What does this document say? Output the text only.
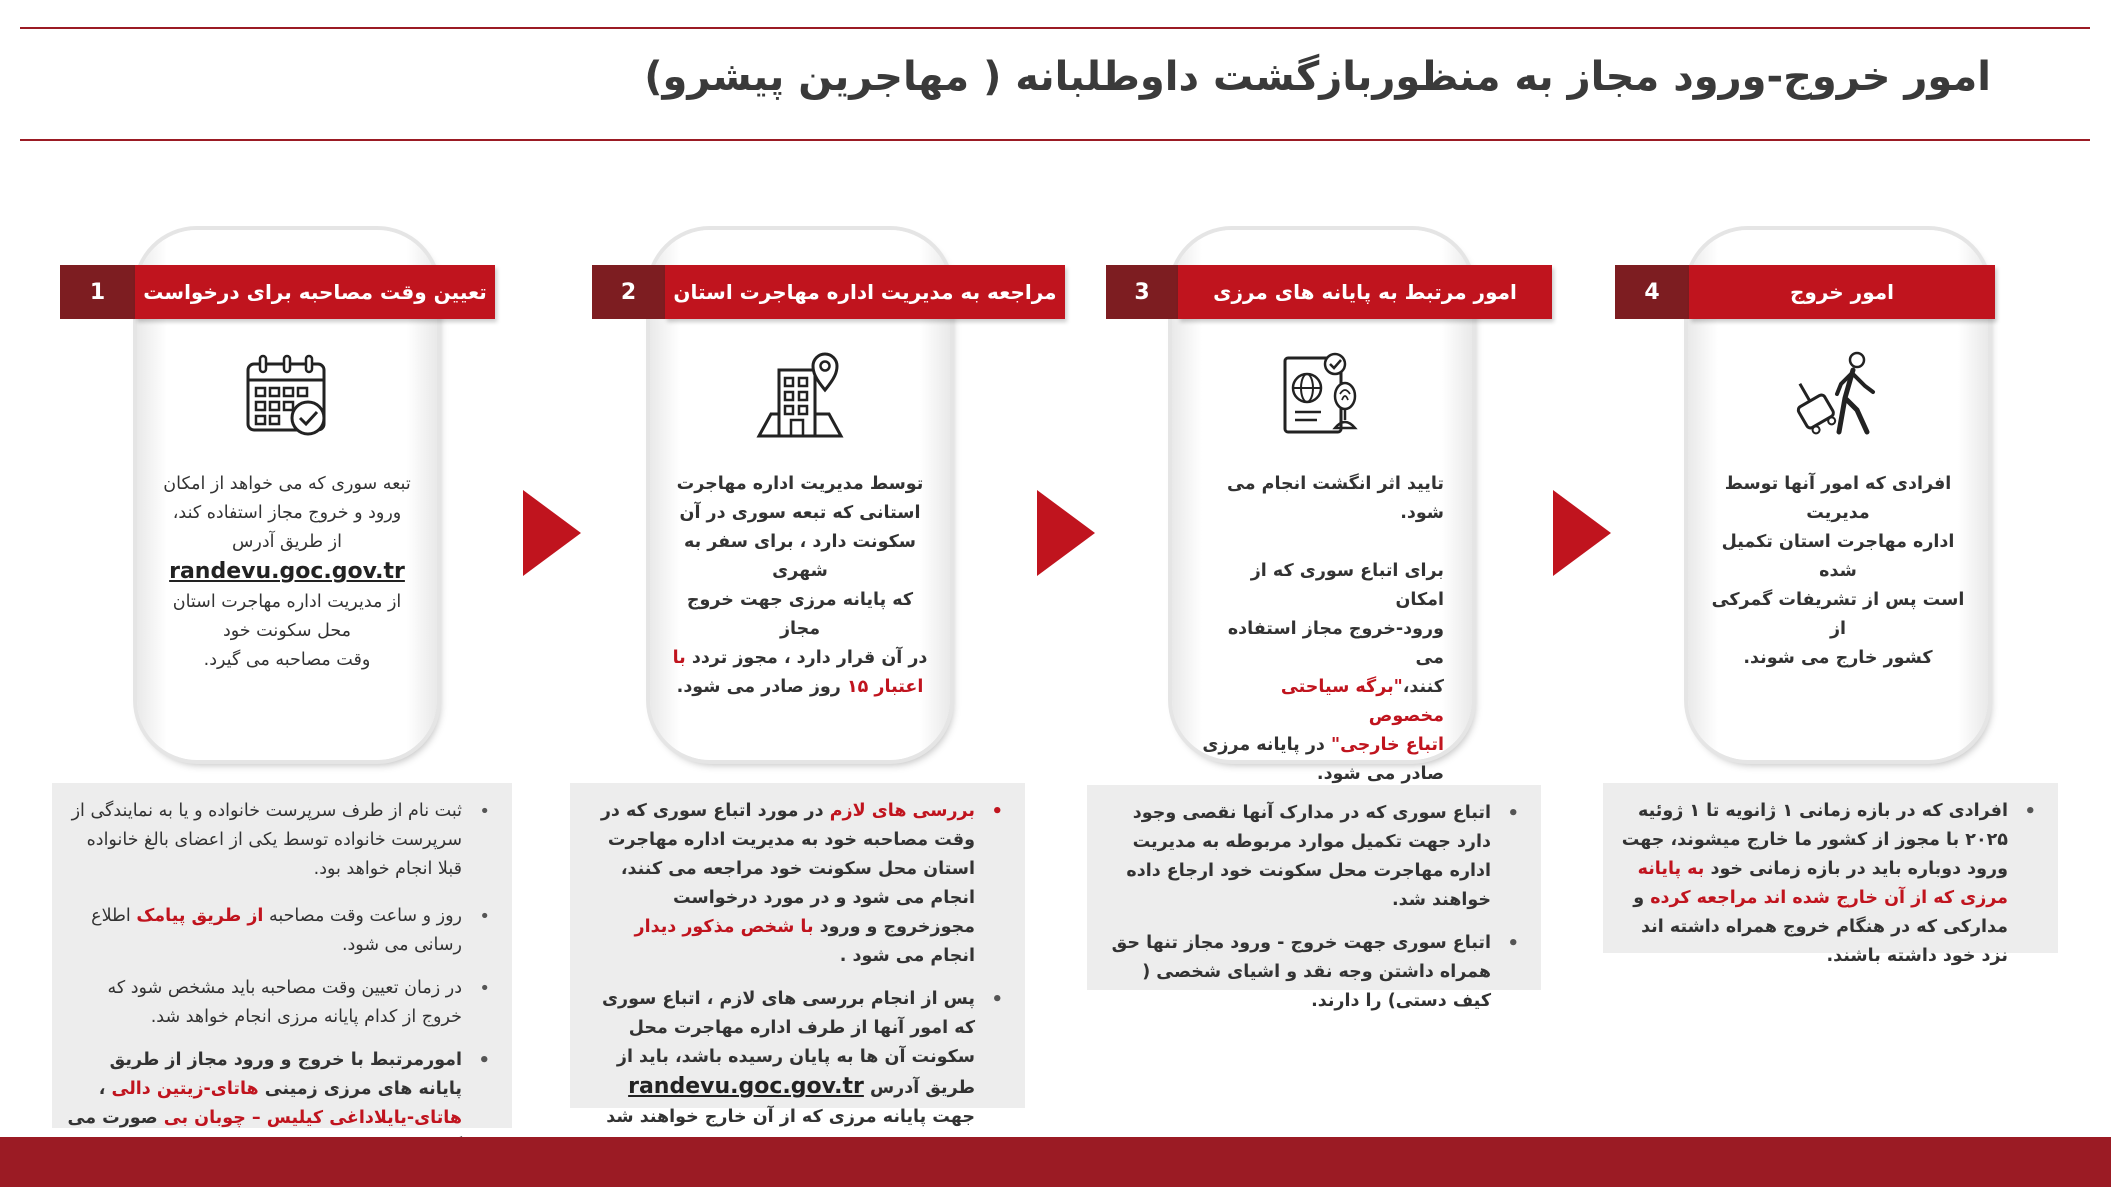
امور خروج-ورود مجاز به منظوربازگشت داوطلبانه ( مهاجرین پیشرو)
تبعه سوری که می خواهد از امکان
ورود و خروج مجاز استفاده کند،
از طریق آدرس
randevu.goc.gov.tr
از مدیریت اداره مهاجرت استان
محل سکونت خود
وقت مصاحبه می گیرد.
1	تعیین وقت مصاحبه برای درخواست
توسط مدیریت اداره مهاجرت
استانی که تبعه سوری در آن
سکونت دارد ، برای سفر به شهری
که پایانه مرزی جهت خروج مجاز
در آن قرار دارد ، مجوز تردد با
اعتبار ۱۵ روز صادر می شود.
2	مراجعه به مدیریت اداره مهاجرت استان
تایید اثر انگشت انجام می شود.

برای اتباع سوری که از امکان
ورود-خروج مجاز استفاده می
کنند،"برگه سیاحتی مخصوص
اتباع خارجی" در پایانه مرزی
صادر می شود.
3	امور مرتبط به پایانه های مرزی
افرادی که امور آنها توسط مدیریت
اداره مهاجرت استان تکمیل شده
است پس از تشریفات گمرکی از
کشور خارج می شوند.
4	امور خروج
• ثبت نام از طرف سرپرست خانواده و یا به نمایندگی از سرپرست خانواده توسط یکی از اعضای بالغ خانواده قبلا انجام خواهد بود.
• روز و ساعت وقت مصاحبه از طریق پیامک اطلاع رسانی می شود.
• در زمان تعیین وقت مصاحبه باید مشخص شود که خروج از کدام پایانه مرزی انجام خواهد شد.
• امورمرتبط با خروج و ورود مجاز از طریق پایانه های مرزی زمینی هاتای-زیتین دالی ، هاتای-یایلاداغی کیلیس – چوبان بی صورت می
• بررسی های لازم در مورد اتباع سوری که در وقت مصاحبه خود به مدیریت اداره مهاجرت استان محل سکونت خود مراجعه می کنند، انجام می شود و در مورد درخواست مجوزخروج و ورود با شخص مذکور دیدار انجام می شود .
• پس از انجام بررسی های لازم ، اتباع سوری که امور آنها از طرف اداره مهاجرت محل سکونت آن ها به پایان رسیده باشد، باید از طریق آدرس randevu.goc.gov.tr جهت پایانه مرزی که از آن خارج خواهند شد
• اتباع سوری که در مدارک آنها نقصی وجود دارد جهت تکمیل موارد مربوطه به مدیریت اداره مهاجرت محل سکونت خود ارجاع داده خواهند شد.
• اتباع سوری جهت خروج - ورود مجاز تنها حق همراه داشتن وجه نقد و اشیای شخصی ( کیف دستی) را دارند.
• افرادی که در بازه زمانی ۱ ژانویه تا ۱ ژوئیه ۲۰۲۵ با مجوز از کشور ما خارج میشوند، جهت ورود دوباره باید در بازه زمانی خود به پایانه مرزی که از آن خارج شده اند مراجعه کرده و مدارکی که در هنگام خروج همراه داشته اند نزد خود داشته باشند.
